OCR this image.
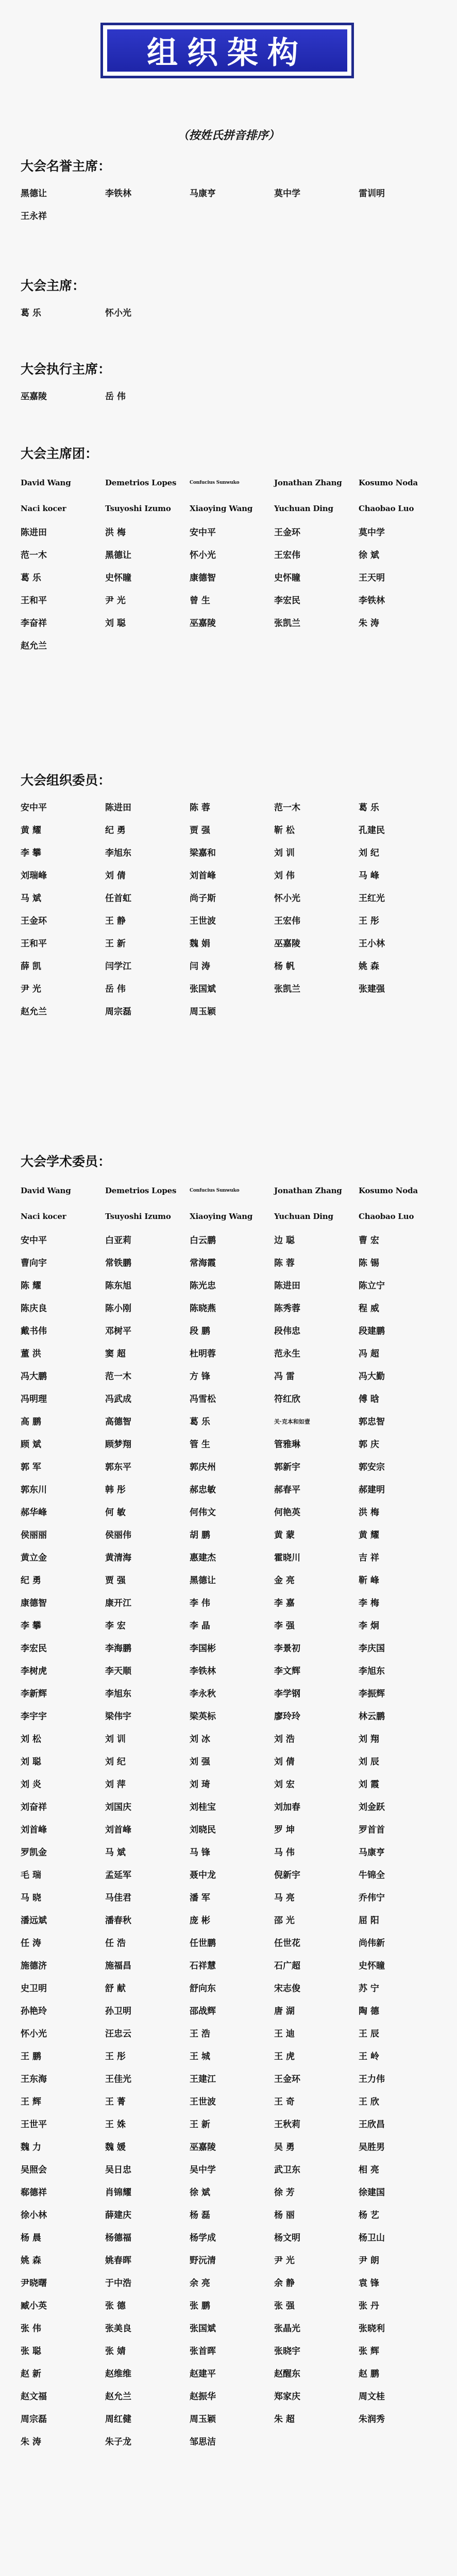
组织架构
（按姓氏拼音排序）
大会名誉主席：
黑德让	李铁林	马康亨	莫中学	雷训明
王永祥
大会主席：
葛 乐	怀小光
大会执行主席：
巫嘉陵	岳 伟
大会主席团：
David Wang	Demetrios Lopes	Confucius Sunwuko	Jonathan Zhang	Kosumo Noda
Naci kocer	Tsuyoshi Izumo	Xiaoying Wang	Yuchuan Ding	Chaobao Luo
陈进田	洪 梅	安中平	王金环	莫中学
范一木	黑德让	怀小光	王宏伟	徐 斌
葛 乐	史怀瞳	康德智	史怀瞳	王天明
王和平	尹 光	曾 生	李宏民	李铁林
李奋祥	刘 聪	巫嘉陵	张凯兰	朱 涛
赵允兰
大会组织委员：
安中平	陈进田	陈 蓉	范一木	葛 乐
黄 耀	纪 勇	贾 强	靳 松	孔建民
李 攀	李旭东	梁嘉和	刘 训	刘 纪
刘瑞峰	刘 倩	刘首峰	刘 伟	马 峰
马 斌	任首虹	尚子斯	怀小光	王红光
王金环	王 静	王世波	王宏伟	王 彤
王和平	王 新	魏 娟	巫嘉陵	王小林
薛 凯	闫学江	闫 涛	杨 帆	姚 森
尹 光	岳 伟	张国斌	张凯兰	张建强
赵允兰	周宗磊	周玉颖
大会学术委员：
David Wang	Demetrios Lopes	Confucius Sunwuko	Jonathan Zhang	Kosumo Noda
Naci kocer	Tsuyoshi Izumo	Xiaoying Wang	Yuchuan Ding	Chaobao Luo
安中平	白亚莉	白云鹏	边 聪	曹 宏
曹向宇	常铁鹏	常海霞	陈 蓉	陈 锡
陈 耀	陈东旭	陈光忠	陈进田	陈立宁
陈庆良	陈小刚	陈晓燕	陈秀蓉	程 威
戴书伟	邓树平	段 鹏	段伟忠	段建鹏
董 洪	窦 超	杜明蓉	范永生	冯 超
冯大鹏	范一木	方 锋	冯 雷	冯大勤
冯明理	冯武成	冯雪松	符红欣	傅 晗
高 鹏	高德智	葛 乐	关·克本和如壹	郭忠智
顾 斌	顾梦翔	管 生	管雅琳	郭 庆
郭 军	郭东平	郭庆州	郭新宇	郭安宗
郭东川	韩 彤	郝忠敏	郝春平	郝建明
郝华峰	何 敏	何伟文	何艳英	洪 梅
侯丽丽	侯丽伟	胡 鹏	黄 蒙	黄 耀
黄立金	黄清海	惠建杰	霍晓川	吉 祥
纪 勇	贾 强	黑德让	金 亮	靳 峰
康德智	康开江	李 伟	李 嘉	李 梅
李 攀	李 宏	李 晶	李 强	李 炯
李宏民	李海鹏	李国彬	李景初	李庆国
李树虎	李天顺	李铁林	李文辉	李旭东
李新辉	李旭东	李永秋	李学钢	李振辉
李宇宇	梁伟宇	梁英标	廖玲玲	林云鹏
刘 松	刘 训	刘 冰	刘 浩	刘 翔
刘 聪	刘 纪	刘 强	刘 倩	刘 辰
刘 炎	刘 萍	刘 琦	刘 宏	刘 霞
刘奋祥	刘国庆	刘桂宝	刘加春	刘金跃
刘首峰	刘首峰	刘晓民	罗 坤	罗首首
罗凯金	马 斌	马 锋	马 伟	马康亨
毛 瑞	孟延军	聂中龙	倪新宇	牛锦全
马 晓	马佳君	潘 军	马 亮	乔伟宁
潘远斌	潘春秋	庞 彬	邵 光	屈 阳
任 涛	任 浩	任世鹏	任世花	尚伟新
施德济	施福昌	石祥慧	石广超	史怀瞳
史卫明	舒 献	舒向东	宋志俊	苏 宁
孙艳玲	孙卫明	邵战辉	唐 湖	陶 德
怀小光	汪忠云	王 浩	王 迪	王 辰
王 鹏	王 彤	王 城	王 虎	王 岭
王东海	王佳光	王建江	王金环	王力伟
王 辉	王 菁	王世波	王 奇	王 欣
王世平	王 姝	王 新	王秋莉	王欣昌
魏 力	魏 媛	巫嘉陵	吴 勇	吴胜男
吴照会	吴日忠	吴中学	武卫东	相 亮
郗德祥	肖锦耀	徐 斌	徐 芳	徐建国
徐小林	薛建庆	杨 磊	杨 丽	杨 艺
杨 晨	杨德福	杨学成	杨文明	杨卫山
姚 森	姚春晖	野沅清	尹 光	尹 朗
尹晓曙	于中浩	余 亮	余 静	袁 锋
臧小英	张 德	张 鹏	张 强	张 丹
张 伟	张美良	张国斌	张晶光	张晓利
张 聪	张 婧	张首晖	张晓宇	张 辉
赵 新	赵维维	赵建平	赵醒东	赵 鹏
赵文福	赵允兰	赵振华	郑家庆	周文桂
周宗磊	周红健	周玉颖	朱 超	朱润秀
朱 涛	朱子龙	邹思洁
